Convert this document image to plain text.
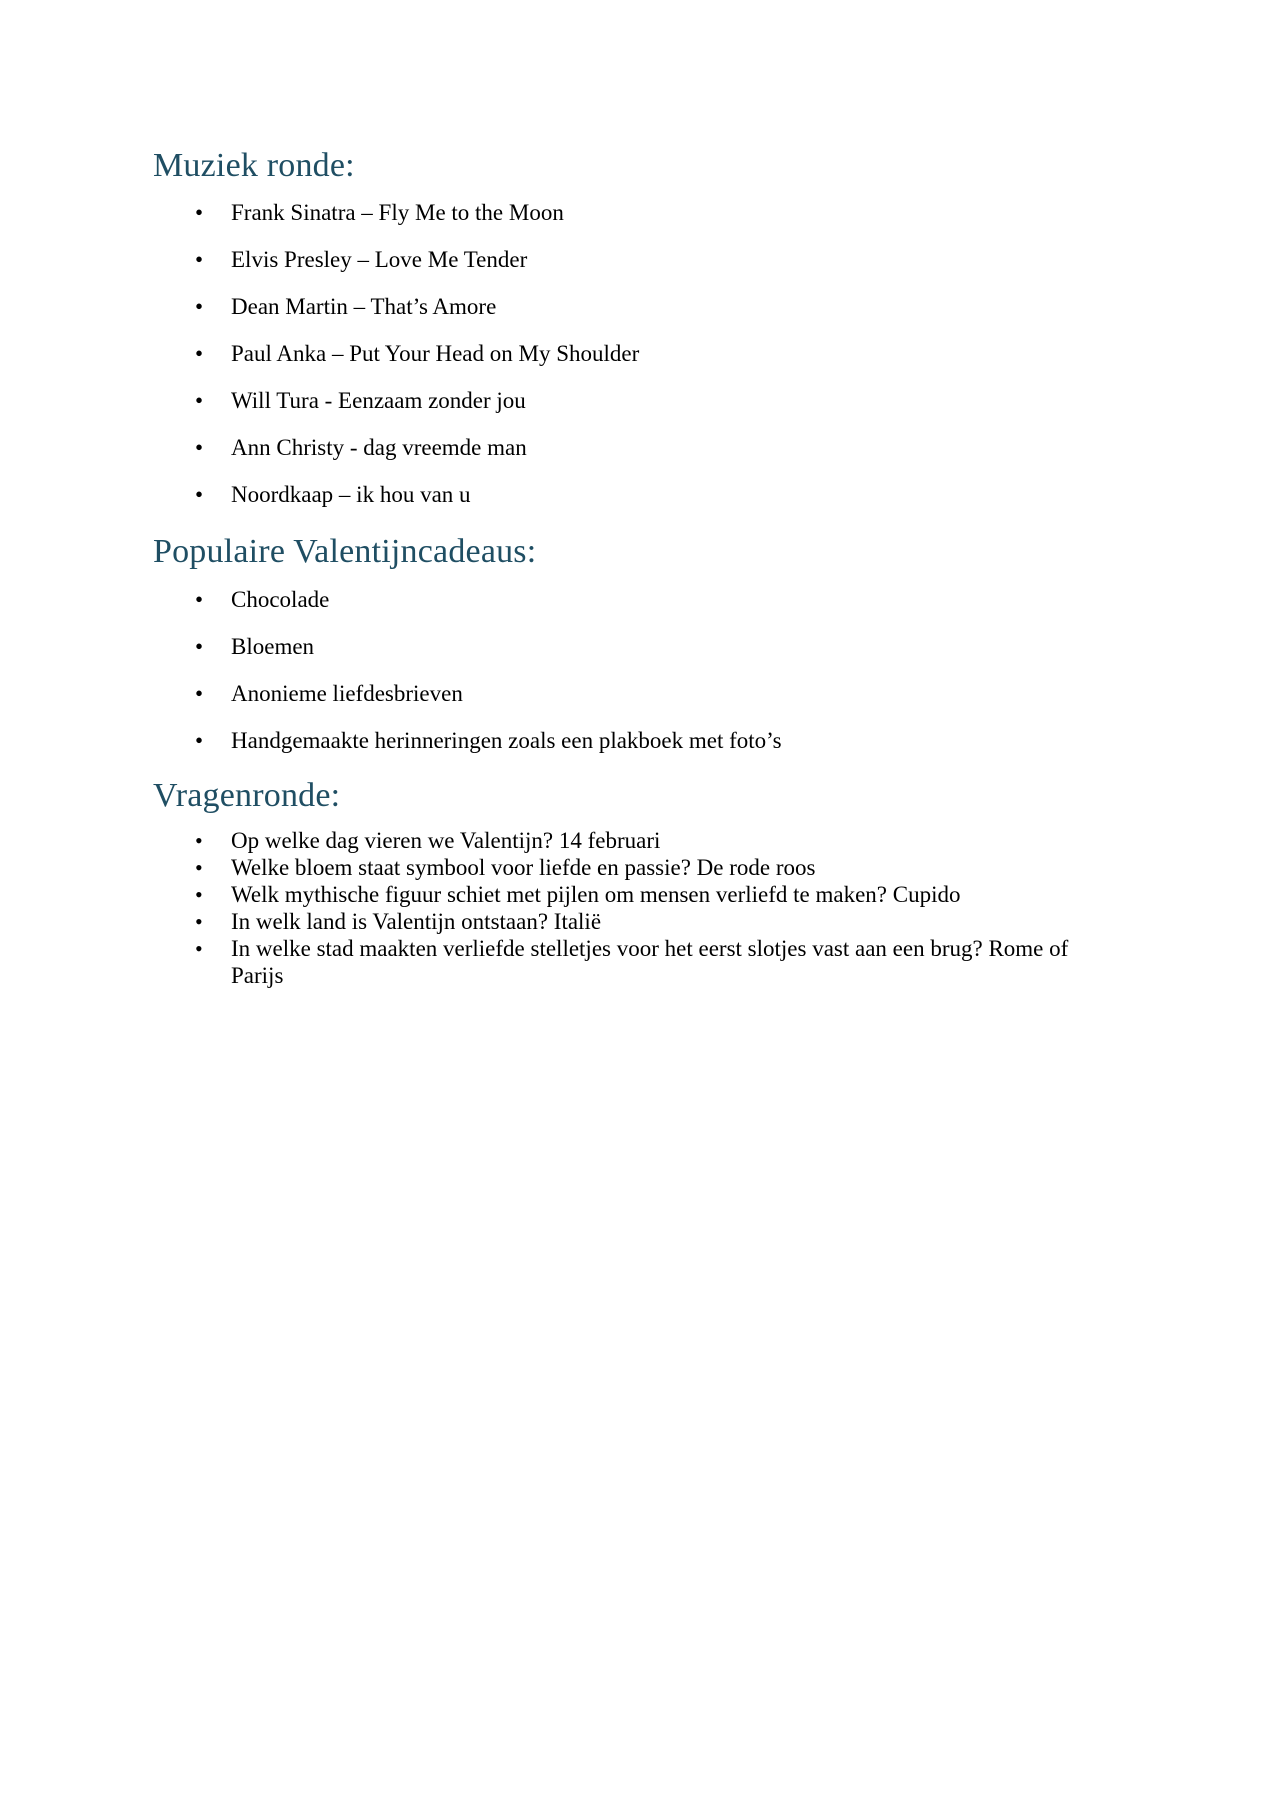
Muziek ronde:
• Frank Sinatra – Fly Me to the Moon
• Elvis Presley – Love Me Tender
• Dean Martin – That’s Amore
• Paul Anka – Put Your Head on My Shoulder
• Will Tura - Eenzaam zonder jou
• Ann Christy - dag vreemde man
• Noordkaap – ik hou van u
Populaire Valentijncadeaus:
• Chocolade
• Bloemen
• Anonieme liefdesbrieven
• Handgemaakte herinneringen zoals een plakboek met foto’s
Vragenronde:
• Op welke dag vieren we Valentijn? 14 februari
• Welke bloem staat symbool voor liefde en passie? De rode roos
• Welk mythische figuur schiet met pijlen om mensen verliefd te maken? Cupido
• In welk land is Valentijn ontstaan? Italië
• In welke stad maakten verliefde stelletjes voor het eerst slotjes vast aan een brug? Rome of Parijs
